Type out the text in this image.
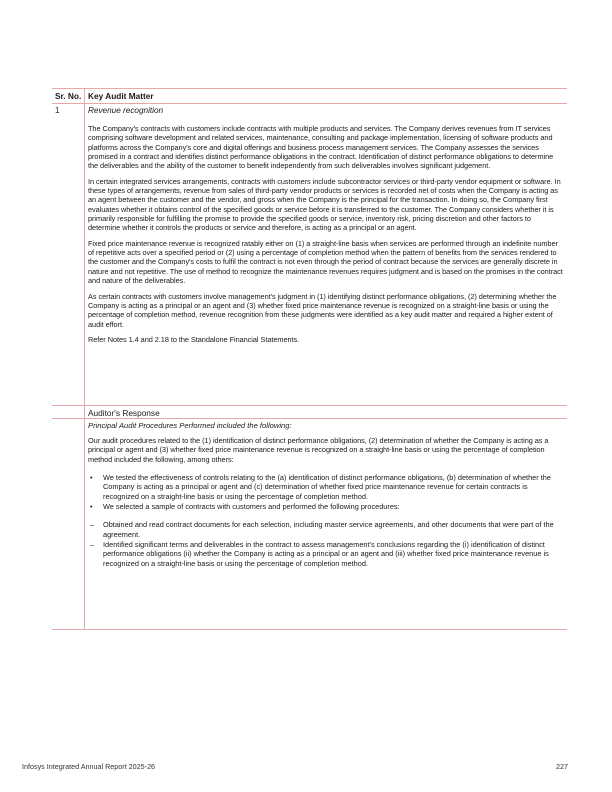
Sr. No. Key Audit Matter
1	Revenue recognition

The Company's contracts with customers include contracts with multiple products and services. The Company derives revenues from IT services comprising software development and related services, maintenance, consulting and package implementation, licensing of software products and platforms across the Company's core and digital offerings and business process management services. The Company assesses the services promised in a contract and identifies distinct performance obligations in the contract. Identification of distinct performance obligations to determine the deliverables and the ability of the customer to benefit independently from such deliverables involves significant judgement.

In certain integrated services arrangements, contracts with customers include subcontractor services or third-party vendor equipment or software. In these types of arrangements, revenue from sales of third-party vendor products or services is recorded net of costs when the Company is acting as an agent between the customer and the vendor, and gross when the Company is the principal for the transaction. In doing so, the Company first evaluates whether it obtains control of the specified goods or service before it is transferred to the customer. The Company considers whether it is primarily responsible for fulfilling the promise to provide the specified goods or service, inventory risk, pricing discretion and other factors to determine whether it controls the products or service and therefore, is acting as a principal or an agent.

Fixed price maintenance revenue is recognized ratably either on (1) a straight-line basis when services are performed through an indefinite number of repetitive acts over a specified period or (2) using a percentage of completion method when the pattern of benefits from the services rendered to the customer and the Company's costs to fulfil the contract is not even through the period of contract because the services are generally discrete in nature and not repetitive. The use of method to recognize the maintenance revenues requires judgment and is based on the promises in the contract and nature of the deliverables.

As certain contracts with customers involve management's judgment in (1) identifying distinct performance obligations, (2) determining whether the Company is acting as a principal or an agent and (3) whether fixed price maintenance revenue is recognized on a straight-line basis or using the percentage of completion method, revenue recognition from these judgments were identified as a key audit matter and required a higher extent of audit effort.

Refer Notes 1.4 and 2.18 to the Standalone Financial Statements.

Auditor's Response
Principal Audit Procedures Performed included the following:

Our audit procedures related to the (1) identification of distinct performance obligations, (2) determination of whether the Company is acting as a principal or agent and (3) whether fixed price maintenance revenue is recognized on a straight-line basis or using the percentage of completion method included the following, among others:

• We tested the effectiveness of controls relating to the (a) identification of distinct performance obligations, (b) determination of whether the Company is acting as a principal or agent and (c) determination of whether fixed price maintenance revenue for certain contracts is recognized on a straight-line basis or using the percentage of completion method.
• We selected a sample of contracts with customers and performed the following procedures:
– Obtained and read contract documents for each selection, including master service agreements, and other documents that were part of the agreement.
– Identified significant terms and deliverables in the contract to assess management's conclusions regarding the (i) identification of distinct performance obligations (ii) whether the Company is acting as a principal or an agent and (iii) whether fixed price maintenance revenue is recognized on a straight-line basis or using the percentage of completion method.
Infosys Integrated Annual Report 2025-26	227
